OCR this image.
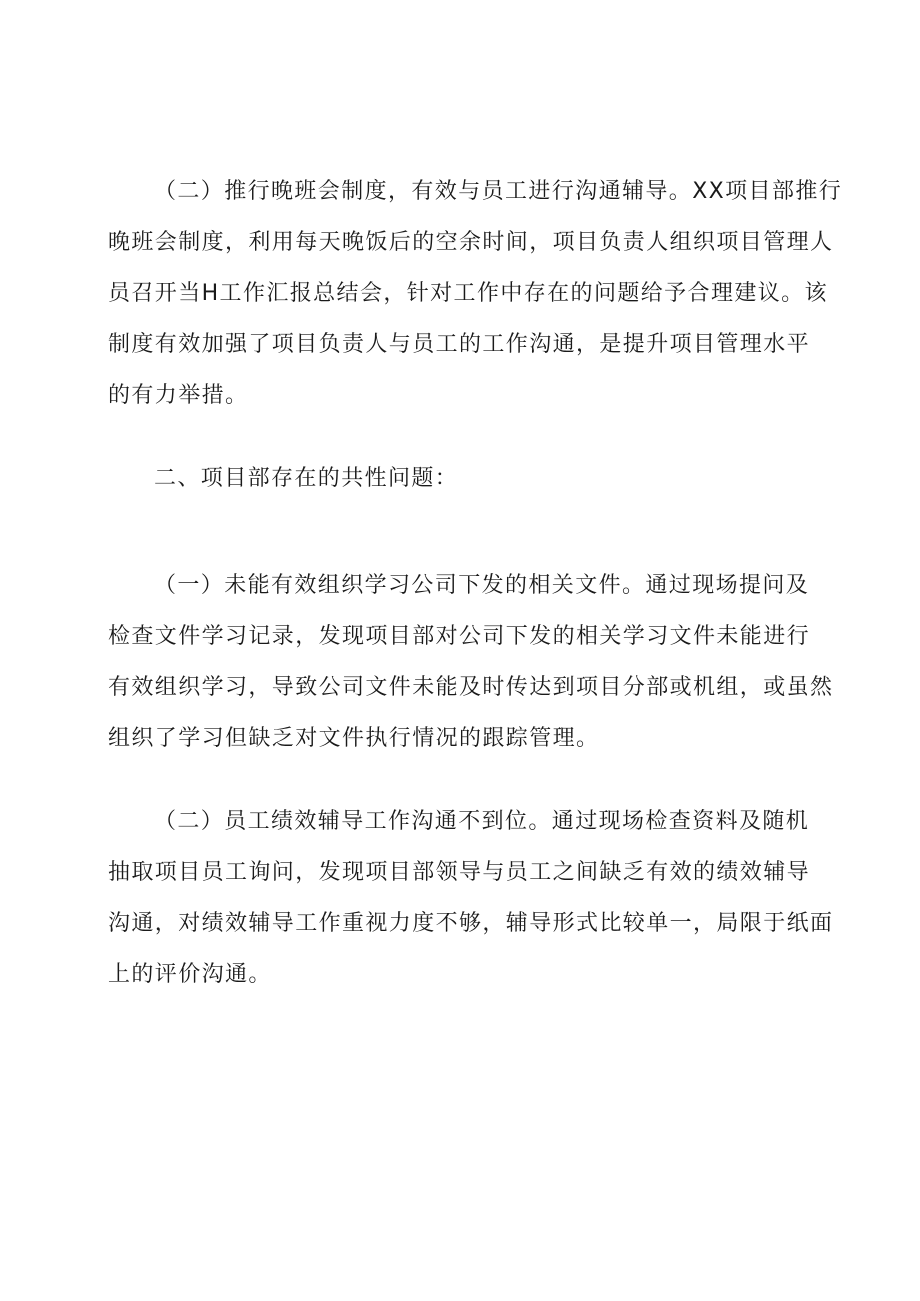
（二）推行晚班会制度，有效与员工进行沟通辅导。XX项目部推行
晚班会制度，利用每天晚饭后的空余时间，项目负责人组织项目管理人
员召开当H工作汇报总结会，针对工作中存在的问题给予合理建议。该
制度有效加强了项目负责人与员工的工作沟通，是提升项目管理水平
的有力举措。
二、项目部存在的共性问题：
（一）未能有效组织学习公司下发的相关文件。通过现场提问及
检查文件学习记录，发现项目部对公司下发的相关学习文件未能进行
有效组织学习，导致公司文件未能及时传达到项目分部或机组，或虽然
组织了学习但缺乏对文件执行情况的跟踪管理。
（二）员工绩效辅导工作沟通不到位。通过现场检查资料及随机
抽取项目员工询问，发现项目部领导与员工之间缺乏有效的绩效辅导
沟通，对绩效辅导工作重视力度不够，辅导形式比较单一，局限于纸面
上的评价沟通。
